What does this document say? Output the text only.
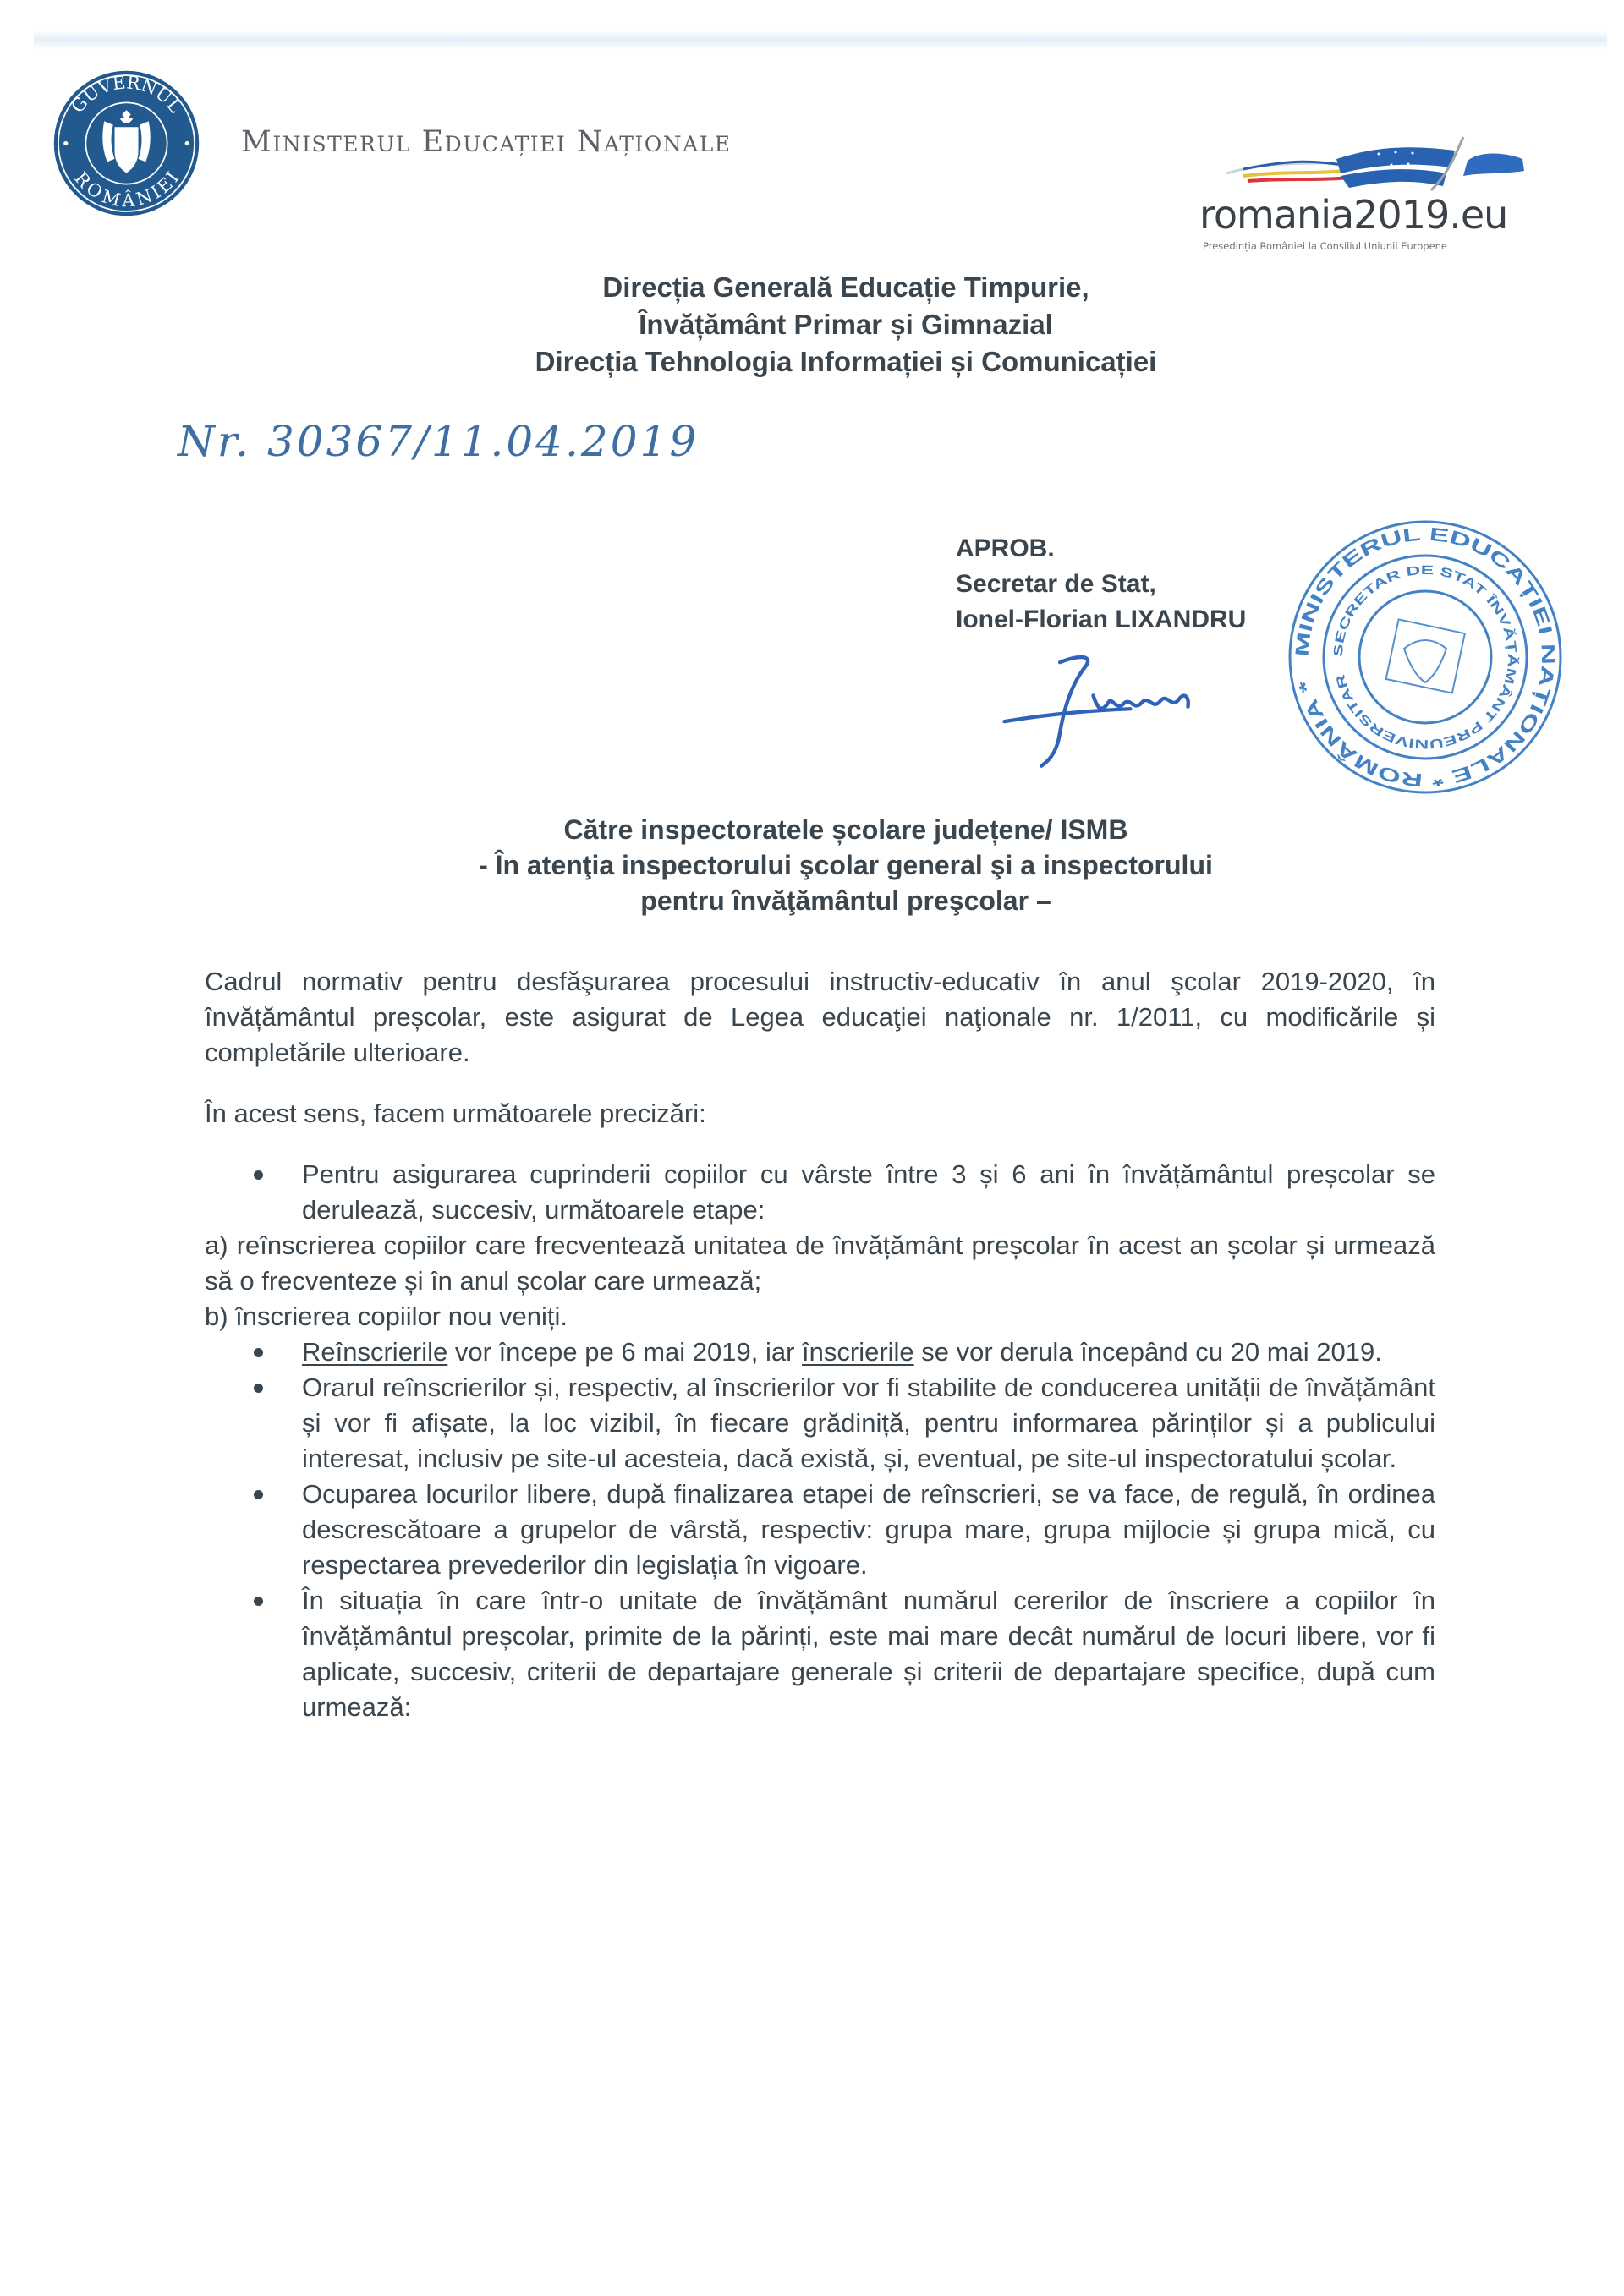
GUVERNUL
ROMÂNIEI
Ministerul Educației Naționale
romania2019.eu
Președinția României la Consiliul Uniunii Europene
Direcția Generală Educație Timpurie,
Învățământ Primar și Gimnazial
Direcția Tehnologia Informației și Comunicației
Nr. 30367/11.04.2019
APROB.
Secretar de Stat,
Ionel-Florian LIXANDRU
MINISTERUL EDUCAȚIEI NAȚIONALE * ROMÂNIA *
SECRETAR DE STAT ÎNVĂȚĂMÂNT PREUNIVERSITAR
Către inspectoratele școlare județene/ ISMB
- În atenţia inspectorului şcolar general şi a inspectorului
pentru învăţământul preşcolar –

Cadrul normativ pentru desfăşurarea procesului instructiv-educativ în anul şcolar 2019-2020, în învățământul preșcolar, este asigurat de Legea educaţiei naţionale nr. 1/2011, cu modificările și completările ulterioare.

În acest sens, facem următoarele precizări:

Pentru asigurarea cuprinderii copiilor cu vârste între 3 și 6 ani în învățământul preșcolar se derulează, succesiv, următoarele etape:
a) reînscrierea copiilor care frecventează unitatea de învățământ preșcolar în acest an școlar și urmează să o frecventeze și în anul școlar care urmează;
b) înscrierea copiilor nou veniți.
Reînscrierile vor începe pe 6 mai 2019, iar înscrierile se vor derula începând cu 20 mai 2019.
Orarul reînscrierilor și, respectiv, al înscrierilor vor fi stabilite de conducerea unității de învățământ și vor fi afișate, la loc vizibil, în fiecare grădiniță, pentru informarea părinților și a publicului interesat, inclusiv pe site-ul acesteia, dacă există, și, eventual, pe site-ul inspectoratului școlar.
Ocuparea locurilor libere, după finalizarea etapei de reînscrieri, se va face, de regulă, în ordinea descrescătoare a grupelor de vârstă, respectiv: grupa mare, grupa mijlocie și grupa mică, cu respectarea prevederilor din legislația în vigoare.
În situația în care într-o unitate de învățământ numărul cererilor de înscriere a copiilor în învățământul preșcolar, primite de la părinți, este mai mare decât numărul de locuri libere, vor fi aplicate, succesiv, criterii de departajare generale și criterii de departajare specifice, după cum urmează:
